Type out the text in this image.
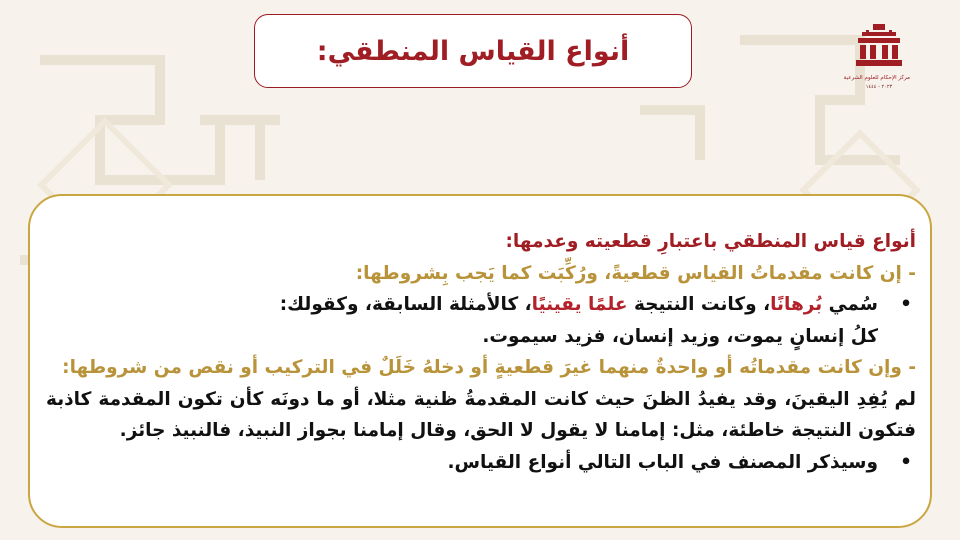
أنواع القياس المنطقي:
مركز الإحكام للعلوم الشرعية
٢٠٢٣ - ١٤٤٤
أنواع قياس المنطقي باعتبارِ قطعيته وعدمها:
- إن كانت مقدماتُ القياس قطعيةً، ورُكِّبَت كما يَجب بِشروطها:
•
سُمي بُرهانًا، وكانت النتيجة علمًا يقينيًا، كالأمثلة السابقة، وكقولك:
كلُ إنسانٍ يموت، وزيد إنسان، فزيد سيموت.
- وإن كانت مقدماتُه أو واحدةٌ منهما غيرَ قطعيةٍ أو دخلهُ خَلَلٌ في التركيب أو نقص من شروطها:
لم يُفِدِ اليقينَ، وقد يفيدُ الظنَ حيث كانت المقدمةُ ظنية مثلا، أو ما دونَه كأن تكون المقدمة كاذبة فتكون النتيجة خاطئة، مثل: إمامنا لا يقول لا الحق، وقال إمامنا بجواز النبيذ، فالنبيذ جائز.
•
وسيذكر المصنف في الباب التالي أنواع القياس.
